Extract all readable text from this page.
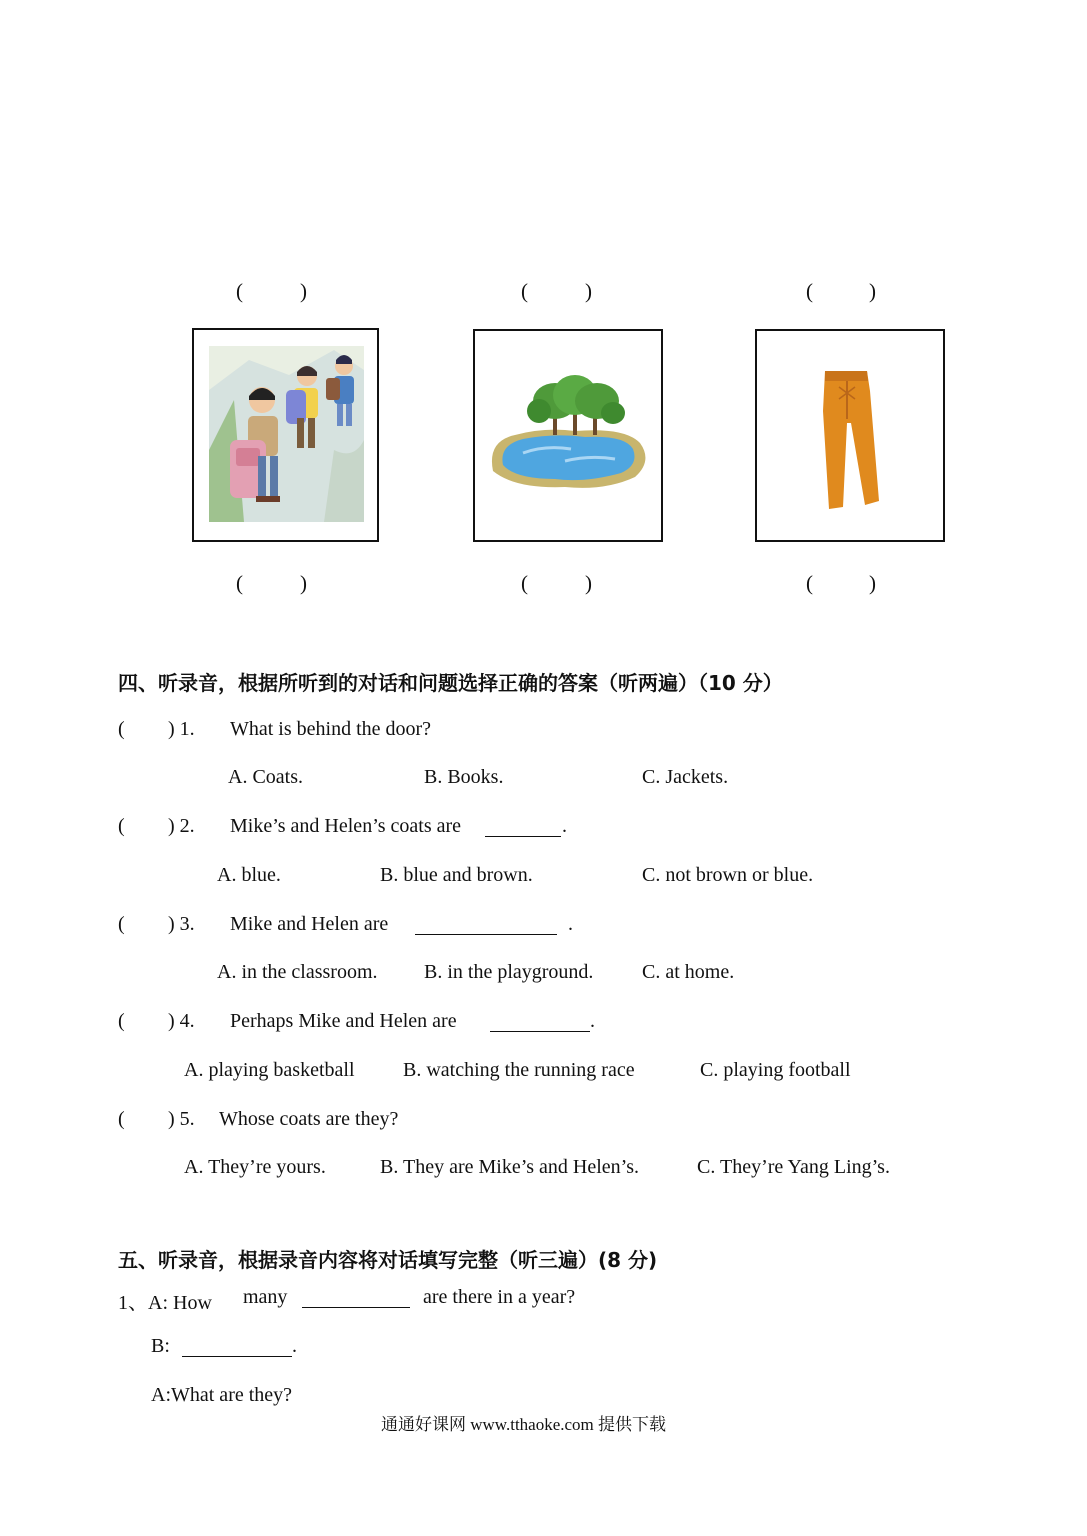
(	)	(	)	(	)
(	)	(	)	(	)
四、听录音，根据所听到的对话和问题选择正确的答案（听两遍）（10 分）
( ) 1. What is behind the door?
A. Coats.	B. Books.	C. Jackets.
( ) 2. Mike’s and Helen’s coats are	.
A. blue.	B. blue and brown.	C. not brown or blue.
( ) 3. Mike and Helen are	.
A. in the classroom. B. in the playground. C. at home.
( ) 4. Perhaps Mike and Helen are	.
A. playing basketball B. watching the running race	C. playing football
( ) 5. Whose coats are they?
A. They’re yours.	B. They are Mike’s and Helen’s.	C. They’re Yang Ling’s.
五、听录音，根据录音内容将对话填写完整（听三遍）(8 分)
1、A: How many	are there in a year?
B:	.
A:What are they?
通通好课网 www.tthaoke.com 提供下载
